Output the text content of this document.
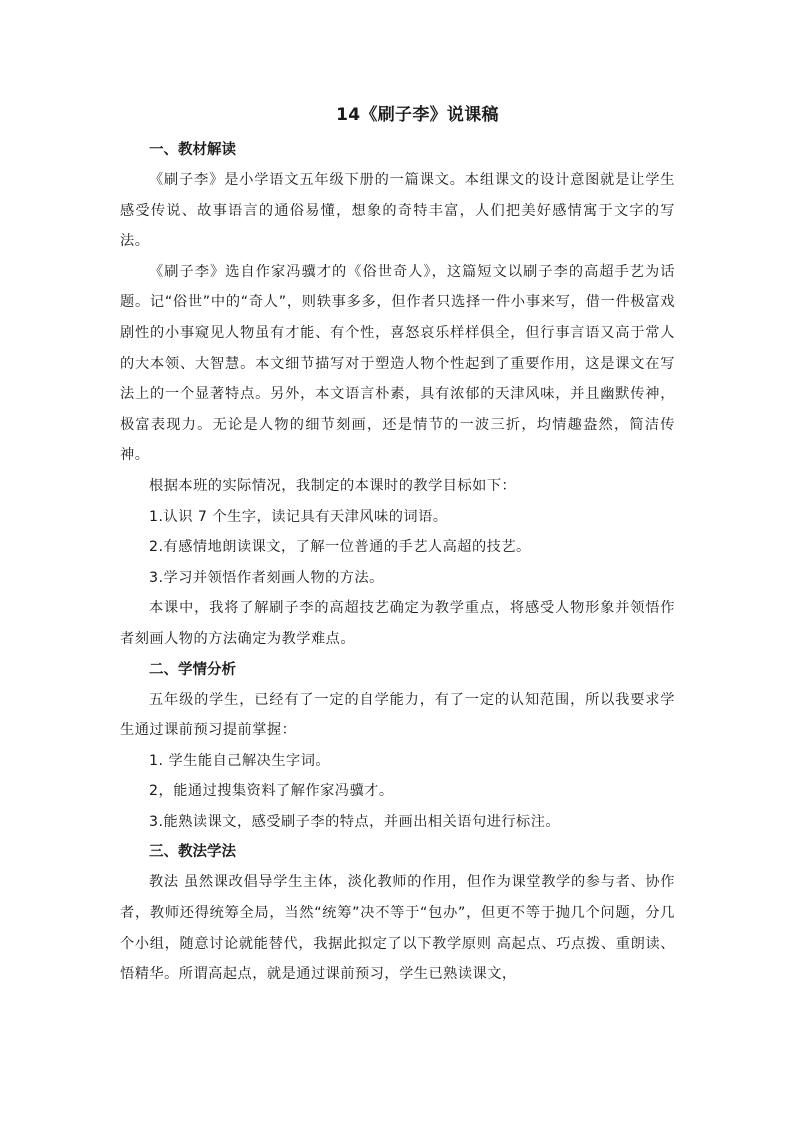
14《刷子李》说课稿
一、教材解读

《刷子李》是小学语文五年级下册的一篇课文。本组课文的设计意图就是让学生感受传说、故事语言的通俗易懂，想象的奇特丰富，人们把美好感情寓于文字的写法。

《刷子李》选自作家冯骥才的《俗世奇人》，这篇短文以刷子李的高超手艺为话题。记“俗世”中的“奇人”，则轶事多多，但作者只选择一件小事来写，借一件极富戏剧性的小事窥见人物虽有才能、有个性，喜怒哀乐样样俱全，但行事言语又高于常人的大本领、大智慧。本文细节描写对于塑造人物个性起到了重要作用，这是课文在写法上的一个显著特点。另外，本文语言朴素，具有浓郁的天津风味，并且幽默传神，极富表现力。无论是人物的细节刻画，还是情节的一波三折，均情趣盎然，简洁传神。

根据本班的实际情况，我制定的本课时的教学目标如下：

1.认识 7 个生字，读记具有天津风味的词语。

2.有感情地朗读课文，了解一位普通的手艺人高超的技艺。

3.学习并领悟作者刻画人物的方法。

本课中，我将了解刷子李的高超技艺确定为教学重点，将感受人物形象并领悟作者刻画人物的方法确定为教学难点。

二、学情分析

五年级的学生，已经有了一定的自学能力，有了一定的认知范围，所以我要求学生通过课前预习提前掌握：

1. 学生能自己解决生字词。

2，能通过搜集资料了解作家冯骥才。

3.能熟读课文，感受刷子李的特点，并画出相关语句进行标注。

三、教法学法

教法 虽然课改倡导学生主体，淡化教师的作用，但作为课堂教学的参与者、协作者，教师还得统筹全局，当然“统筹”决不等于“包办”，但更不等于抛几个问题，分几个小组，随意讨论就能替代，我据此拟定了以下教学原则 高起点、巧点拨、重朗读、悟精华。所谓高起点，就是通过课前预习，学生已熟读课文，
